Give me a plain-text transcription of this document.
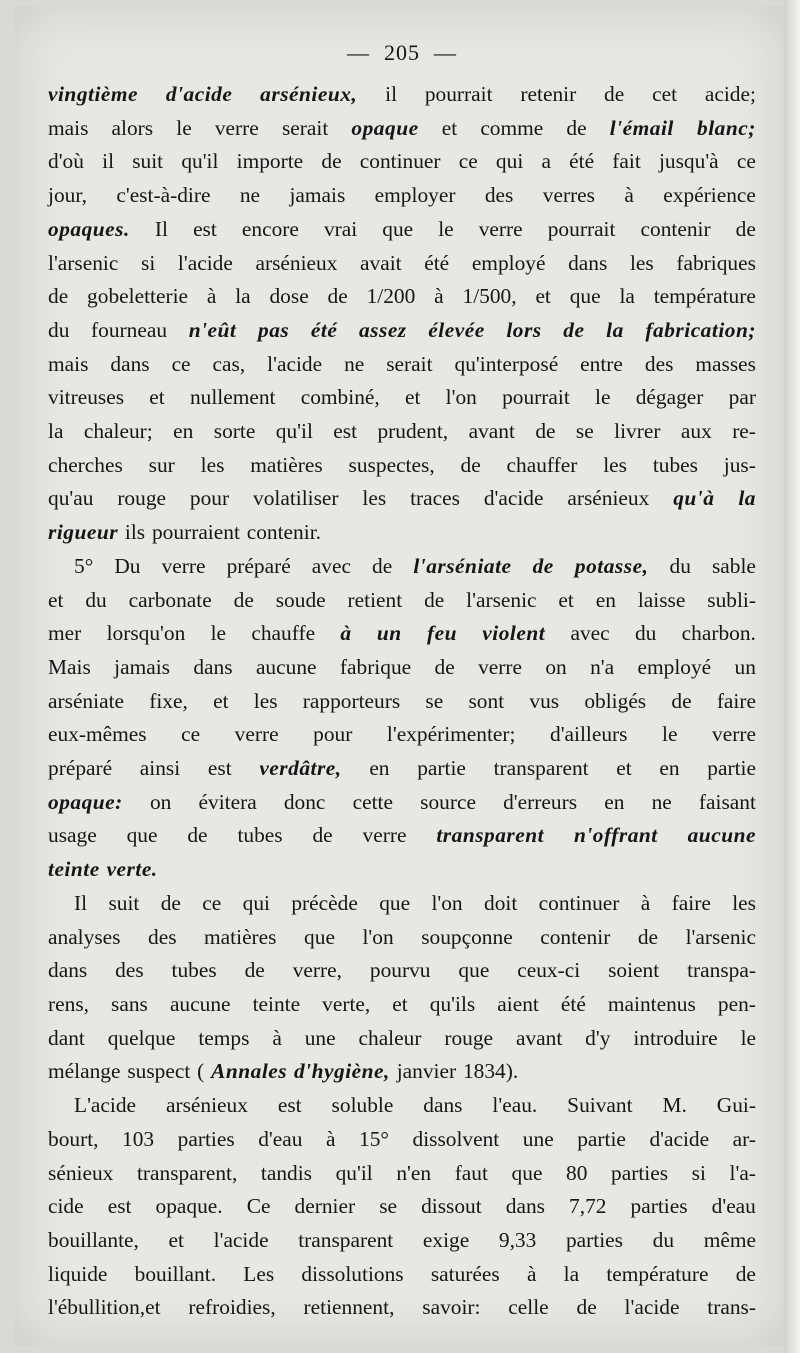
— 205 —
vingtième d'acide arsénieux, il pourrait retenir de cet acide;
mais alors le verre serait opaque et comme de l'émail blanc;
d'où il suit qu'il importe de continuer ce qui a été fait jusqu'à ce
jour, c'est-à-dire ne jamais employer des verres à expérience
opaques. Il est encore vrai que le verre pourrait contenir de
l'arsenic si l'acide arsénieux avait été employé dans les fabriques
de gobeletterie à la dose de 1/200 à 1/500, et que la température
du fourneau n'eût pas été assez élevée lors de la fabrication;
mais dans ce cas, l'acide ne serait qu'interposé entre des masses
vitreuses et nullement combiné, et l'on pourrait le dégager par
la chaleur; en sorte qu'il est prudent, avant de se livrer aux re-
cherches sur les matières suspectes, de chauffer les tubes jus-
qu'au rouge pour volatiliser les traces d'acide arsénieux qu'à la
rigueur ils pourraient contenir.
5° Du verre préparé avec de l'arséniate de potasse, du sable
et du carbonate de soude retient de l'arsenic et en laisse subli-
mer lorsqu'on le chauffe à un feu violent avec du charbon.
Mais jamais dans aucune fabrique de verre on n'a employé un
arséniate fixe, et les rapporteurs se sont vus obligés de faire
eux-mêmes ce verre pour l'expérimenter; d'ailleurs le verre
préparé ainsi est verdâtre, en partie transparent et en partie
opaque: on évitera donc cette source d'erreurs en ne faisant
usage que de tubes de verre transparent n'offrant aucune
teinte verte.
Il suit de ce qui précède que l'on doit continuer à faire les
analyses des matières que l'on soupçonne contenir de l'arsenic
dans des tubes de verre, pourvu que ceux-ci soient transpa-
rens, sans aucune teinte verte, et qu'ils aient été maintenus pen-
dant quelque temps à une chaleur rouge avant d'y introduire le
mélange suspect ( Annales d'hygiène, janvier 1834).
L'acide arsénieux est soluble dans l'eau. Suivant M. Gui-
bourt, 103 parties d'eau à 15° dissolvent une partie d'acide ar-
sénieux transparent, tandis qu'il n'en faut que 80 parties si l'a-
cide est opaque. Ce dernier se dissout dans 7,72 parties d'eau
bouillante, et l'acide transparent exige 9,33 parties du même
liquide bouillant. Les dissolutions saturées à la température de
l'ébullition,et refroidies, retiennent, savoir: celle de l'acide trans-
